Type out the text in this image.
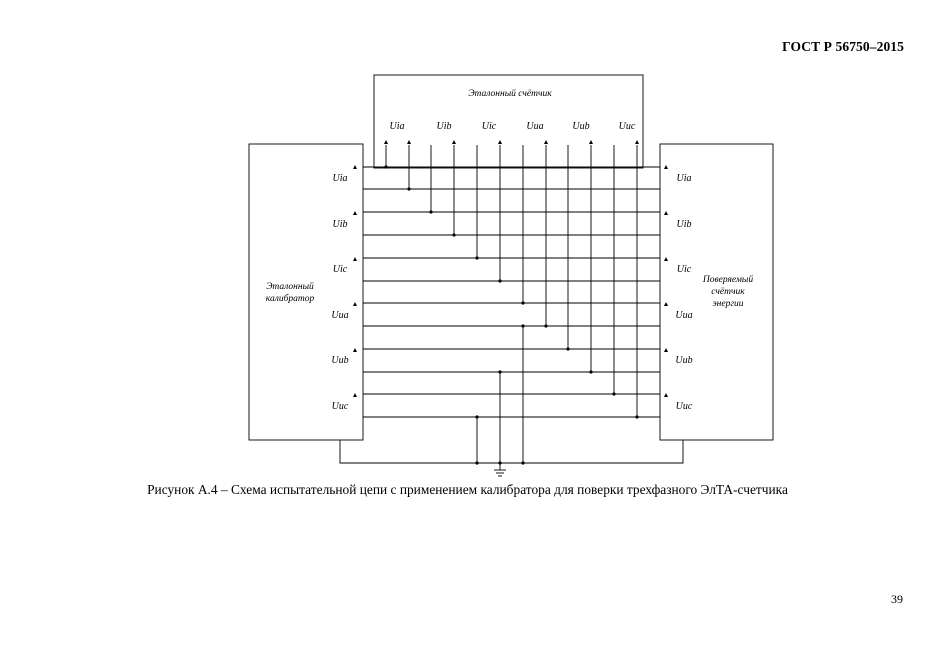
ГОСТ Р 56750–2015
Эталонный счётчик
Uia	Uib	Uic	Uua	Uub	Uuc
Эталонный
калибратор
Uia
Uib
Uic
Uua
Uub
Uuc
Поверяемый
счётчик
энергии
Uia
Uib
Uic
Uua
Uub
Uuc
Рисунок А.4 – Схема испытательной цепи с применением калибратора для поверки трехфазного ЭлТА-счетчика
39
